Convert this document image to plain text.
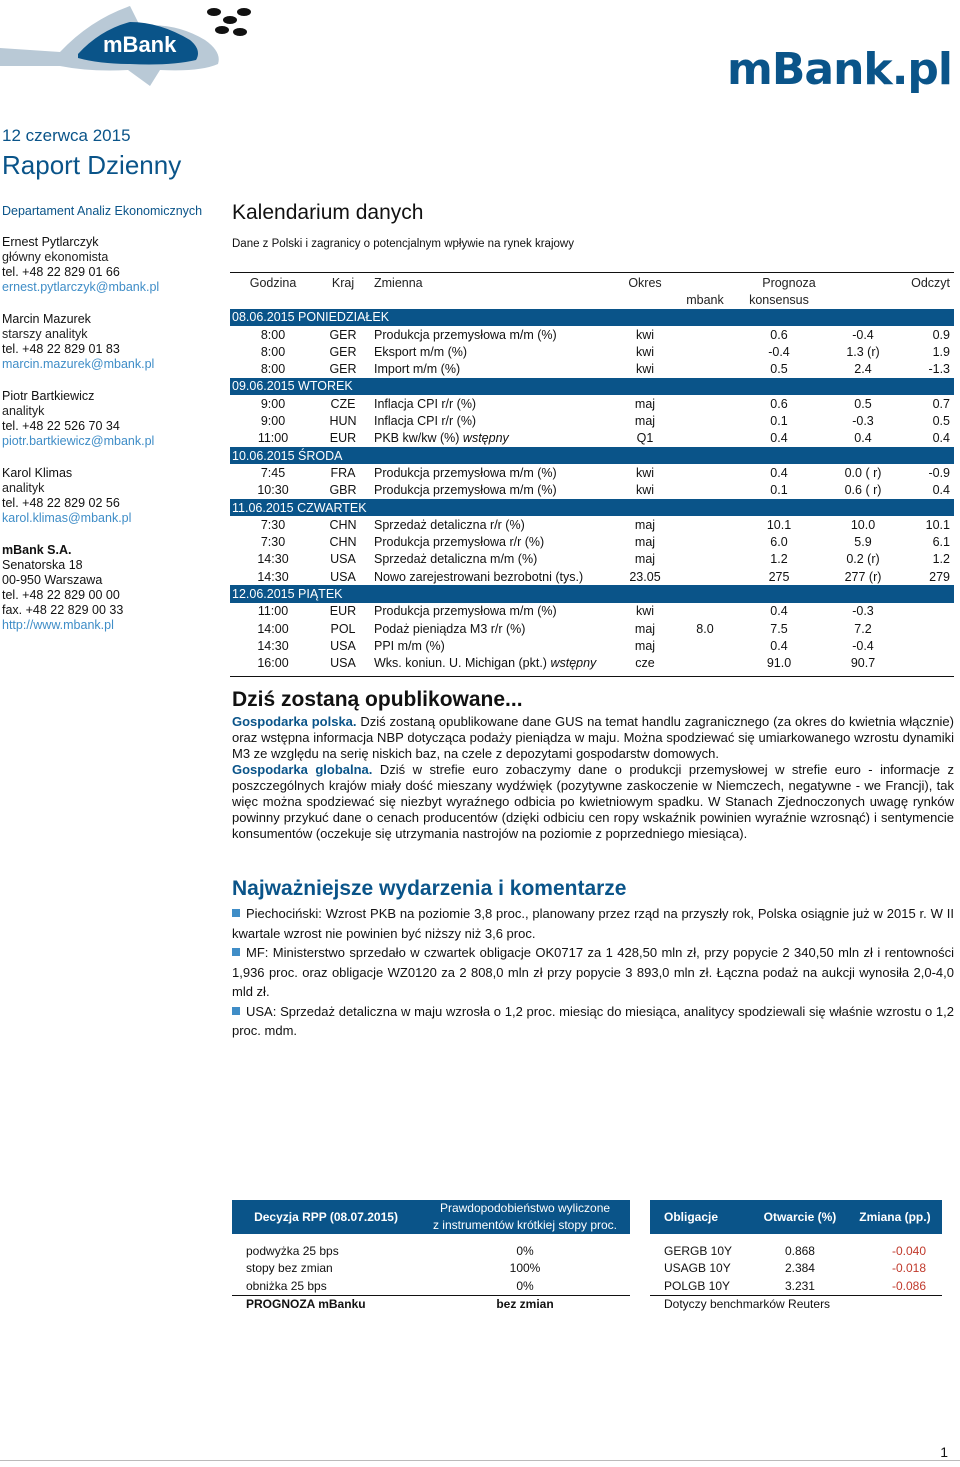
mBank	mBank.pl
12 czerwca 2015
Raport Dzienny
Departament Analiz Ekonomicznych
Ernest Pytlarczyk
główny ekonomista
tel. +48 22 829 01 66
ernest.pytlarczyk@mbank.pl
Marcin Mazurek
starszy analityk
tel. +48 22 829 01 83
marcin.mazurek@mbank.pl
Piotr Bartkiewicz
analityk
tel. +48 22 526 70 34
piotr.bartkiewicz@mbank.pl
Karol Klimas
analityk
tel. +48 22 829 02 56
karol.klimas@mbank.pl
mBank S.A.
Senatorska 18
00-950 Warszawa
tel. +48 22 829 00 00
fax. +48 22 829 00 33
http://www.mbank.pl
Kalendarium danych
Dane z Polski i zagranicy o potencjalnym wpływie na rynek krajowy
Godzina	Kraj	Zmienna	Okres	Prognoza			Odczyt
				mbank	konsensus		
08.06.2015 PONIEDZIAŁEK							
8:00	GER	Produkcja przemysłowa m/m (%)	kwi		0.6	-0.4	0.9
8:00	GER	Eksport m/m (%)	kwi		-0.4	1.3 (r)	1.9
8:00	GER	Import m/m (%)	kwi		0.5	2.4	-1.3
09.06.2015 WTOREK							
9:00	CZE	Inflacja CPI r/r (%)	maj		0.6	0.5	0.7
9:00	HUN	Inflacja CPI r/r (%)	maj		0.1	-0.3	0.5
11:00	EUR	PKB kw/kw (%) wstępny	Q1		0.4	0.4	0.4
10.06.2015 ŚRODA							
7:45	FRA	Produkcja przemysłowa m/m (%)	kwi		0.4	0.0 ( r)	-0.9
10:30	GBR	Produkcja przemysłowa m/m (%)	kwi		0.1	0.6 ( r)	0.4
11.06.2015 CZWARTEK							
7:30	CHN	Sprzedaż detaliczna r/r (%)	maj		10.1	10.0	10.1
7:30	CHN	Produkcja przemysłowa r/r (%)	maj		6.0	5.9	6.1
14:30	USA	Sprzedaż detaliczna m/m (%)	maj		1.2	0.2 (r)	1.2
14:30	USA	Nowo zarejestrowani bezrobotni (tys.)	23.05		275	277 (r)	279
12.06.2015 PIĄTEK							
11:00	EUR	Produkcja przemysłowa m/m (%)	kwi		0.4	-0.3	
14:00	POL	Podaż pieniądza M3 r/r (%)	maj	8.0	7.5	7.2	
14:30	USA	PPI m/m (%)	maj		0.4	-0.4	
16:00	USA	Wks. koniun. U. Michigan (pkt.) wstępny	cze		91.0	90.7	
Dziś zostaną opublikowane...
Gospodarka polska. Dziś zostaną opublikowane dane GUS na temat handlu zagranicznego (za okres do kwietnia włącznie) oraz wstępna informacja NBP dotycząca podaży pieniądza w maju. Można spodziewać się umiarkowanego wzrostu dynamiki M3 ze względu na serię niskich baz, na czele z depozytami gospodarstw domowych.
Gospodarka globalna. Dziś w strefie euro zobaczymy dane o produkcji przemysłowej w strefie euro - informacje z poszczególnych krajów miały dość mieszany wydźwięk (pozytywne zaskoczenie w Niemczech, negatywne - we Francji), tak więc można spodziewać się niezbyt wyraźnego odbicia po kwietniowym spadku. W Stanach Zjednoczonych uwagę rynków powinny przykuć dane o cenach producentów (dzięki odbiciu cen ropy wskaźnik powinien wyraźnie wzrosnąć) i sentymencie konsumentów (oczekuje się utrzymania nastrojów na poziomie z poprzedniego miesiąca).
Najważniejsze wydarzenia i komentarze
Piechociński: Wzrost PKB na poziomie 3,8 proc., planowany przez rząd na przyszły rok, Polska osiągnie już w 2015 r. W II kwartale wzrost nie powinien być niższy niż 3,6 proc.
MF: Ministerstwo sprzedało w czwartek obligacje OK0717 za 1 428,50 mln zł, przy popycie 2 340,50 mln zł i rentowności 1,936 proc. oraz obligacje WZ0120 za 2 808,0 mln zł przy popycie 3 893,0 mln zł. Łączna podaż na aukcji wynosiła 2,0-4,0 mld zł.
USA: Sprzedaż detaliczna w maju wzrosła o 1,2 proc. miesiąc do miesiąca, analitycy spodziewali się właśnie wzrostu o 1,2 proc. mdm.
Decyzja RPP (08.07.2015)	Prawdopodobieństwo wyliczone
z instrumentów krótkiej stopy proc.

podwyżka 25 bps	0%
stopy bez zmian	100%
obniżka 25 bps	0%
PROGNOZA mBanku	bez zmian
Obligacje	Otwarcie (%)	Zmiana (pp.)

GERGB 10Y	0.868	-0.040
USAGB 10Y	2.384	-0.018
POLGB 10Y	3.231	-0.086
Dotyczy benchmarków Reuters		
1
